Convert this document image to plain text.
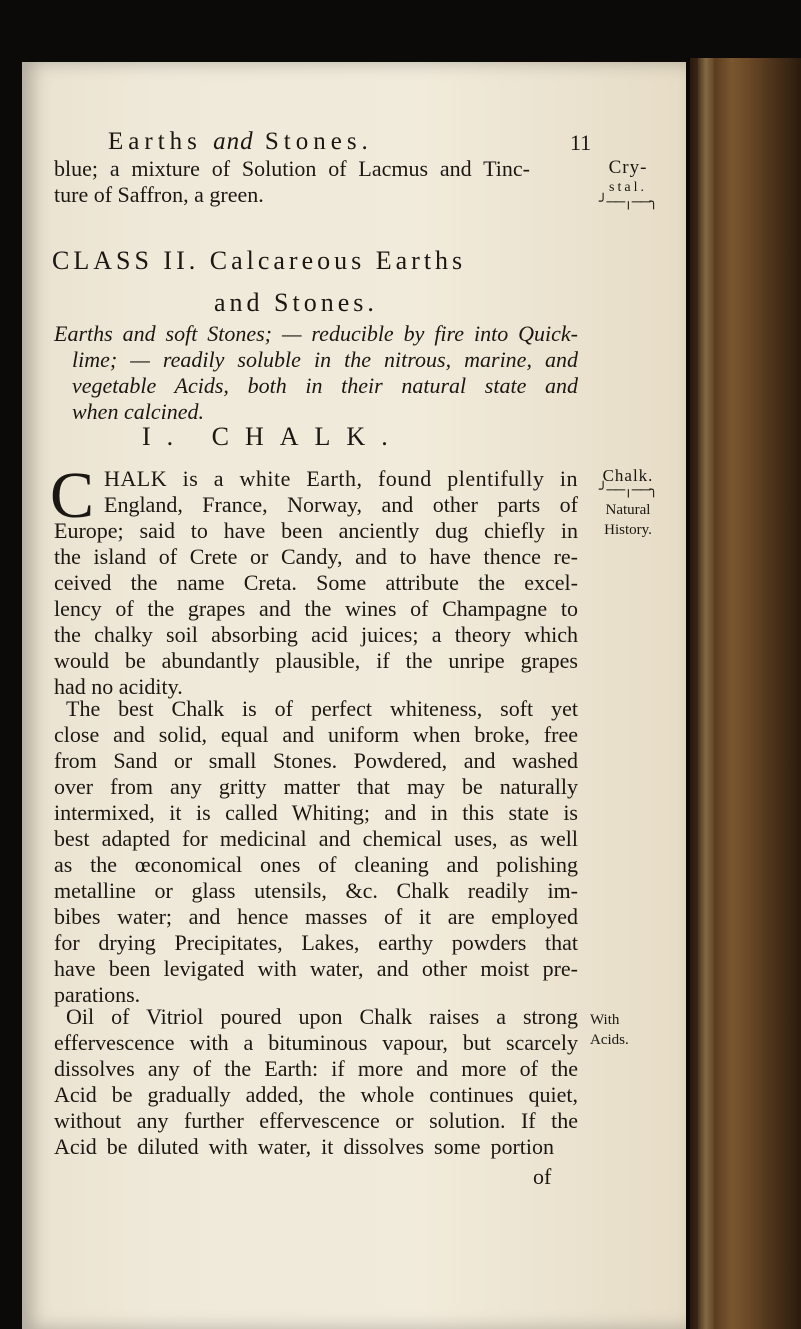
Earths and Stones.	11
blue; a mixture of Solution of Lacmus and Tinc-
ture of Saffron, a green.
Cry-
stal.
╯──╷──╮
CLASS II. Calcareous Earths
and Stones.
Earths and soft Stones; — reducible by fire into Quick-
lime; — readily soluble in the nitrous, marine, and
vegetable Acids, both in their natural state and
when calcined.
I. CHALK.
C HALK is a white Earth, found plentifully in
England, France, Norway, and other parts of
Europe; said to have been anciently dug chiefly in
the island of Crete or Candy, and to have thence re-
ceived the name Creta. Some attribute the excel-
lency of the grapes and the wines of Champagne to
the chalky soil absorbing acid juices; a theory which
would be abundantly plausible, if the unripe grapes
had no acidity.
Chalk.
╯──╷──╮
Natural
History.
The best Chalk is of perfect whiteness, soft yet
close and solid, equal and uniform when broke, free
from Sand or small Stones. Powdered, and washed
over from any gritty matter that may be naturally
intermixed, it is called Whiting; and in this state is
best adapted for medicinal and chemical uses, as well
as the œconomical ones of cleaning and polishing
metalline or glass utensils, &c. Chalk readily im-
bibes water; and hence masses of it are employed
for drying Precipitates, Lakes, earthy powders that
have been levigated with water, and other moist pre-
parations.
Oil of Vitriol poured upon Chalk raises a strong
effervescence with a bituminous vapour, but scarcely
dissolves any of the Earth: if more and more of the
Acid be gradually added, the whole continues quiet,
without any further effervescence or solution. If the
Acid be diluted with water, it dissolves some portion
With
Acids.
of
